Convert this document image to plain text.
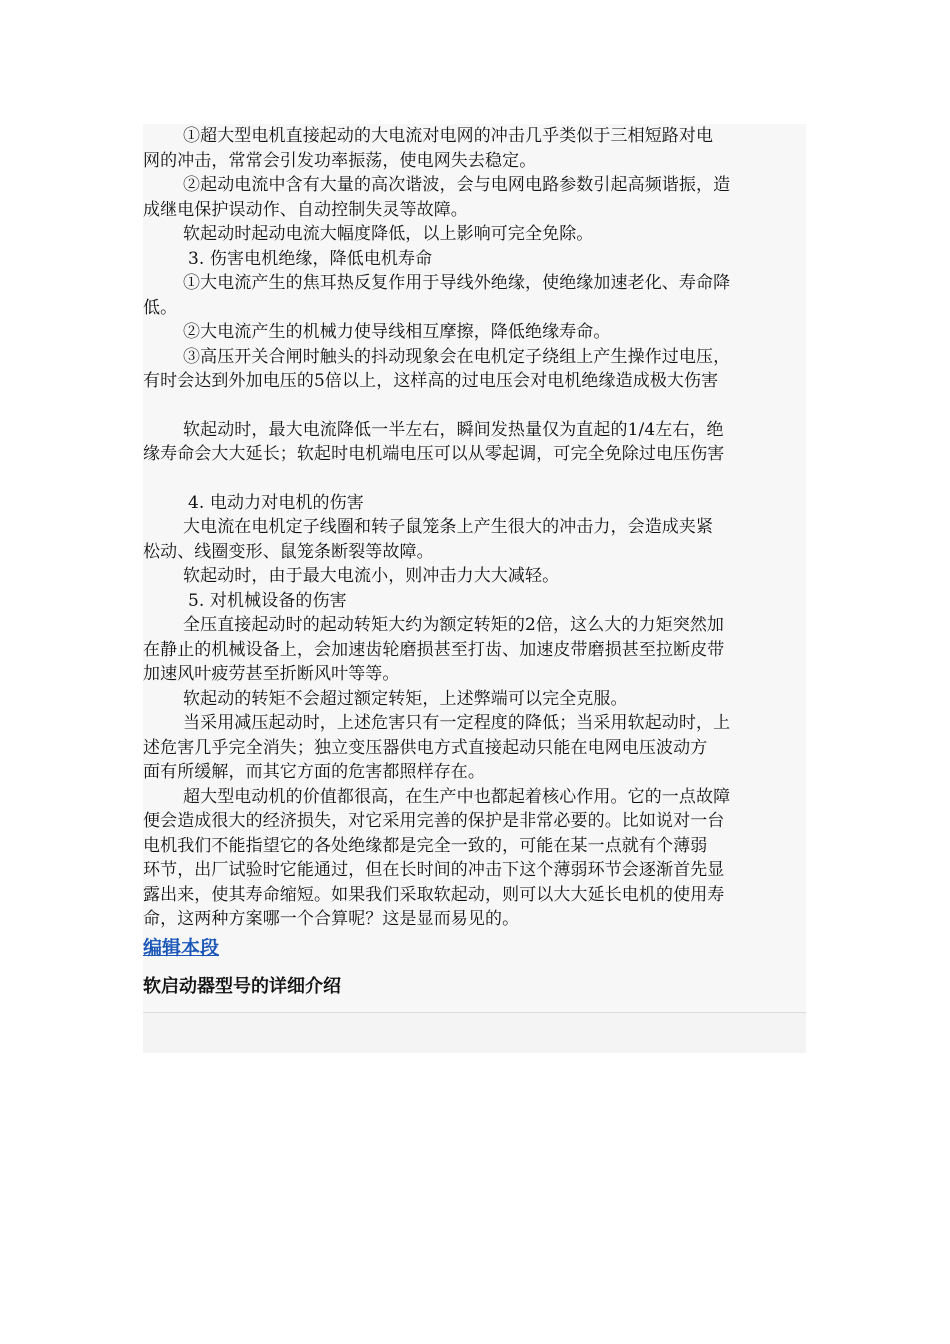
①超大型电机直接起动的大电流对电网的冲击几乎类似于三相短路对电
网的冲击，常常会引发功率振荡，使电网失去稳定。
②起动电流中含有大量的高次谐波，会与电网电路参数引起高频谐振，造
成继电保护误动作、自动控制失灵等故障。
软起动时起动电流大幅度降低，以上影响可完全免除。
3. 伤害电机绝缘，降低电机寿命
①大电流产生的焦耳热反复作用于导线外绝缘，使绝缘加速老化、寿命降
低。
②大电流产生的机械力使导线相互摩擦，降低绝缘寿命。
③高压开关合闸时触头的抖动现象会在电机定子绕组上产生操作过电压，
有时会达到外加电压的5倍以上，这样高的过电压会对电机绝缘造成极大伤害
软起动时，最大电流降低一半左右，瞬间发热量仅为直起的1/4左右，绝
缘寿命会大大延长；软起时电机端电压可以从零起调，可完全免除过电压伤害
4. 电动力对电机的伤害
大电流在电机定子线圈和转子鼠笼条上产生很大的冲击力，会造成夹紧
松动、线圈变形、鼠笼条断裂等故障。
软起动时，由于最大电流小，则冲击力大大减轻。
5. 对机械设备的伤害
全压直接起动时的起动转矩大约为额定转矩的2倍，这么大的力矩突然加
在静止的机械设备上，会加速齿轮磨损甚至打齿、加速皮带磨损甚至拉断皮带
加速风叶疲劳甚至折断风叶等等。
软起动的转矩不会超过额定转矩，上述弊端可以完全克服。
当采用减压起动时，上述危害只有一定程度的降低；当采用软起动时，上
述危害几乎完全消失；独立变压器供电方式直接起动只能在电网电压波动方
面有所缓解，而其它方面的危害都照样存在。
超大型电动机的价值都很高，在生产中也都起着核心作用。它的一点故障
便会造成很大的经济损失，对它采用完善的保护是非常必要的。比如说对一台
电机我们不能指望它的各处绝缘都是完全一致的，可能在某一点就有个薄弱
环节，出厂试验时它能通过，但在长时间的冲击下这个薄弱环节会逐渐首先显
露出来，使其寿命缩短。如果我们采取软起动，则可以大大延长电机的使用寿
命，这两种方案哪一个合算呢？这是显而易见的。
编辑本段
软启动器型号的详细介绍
